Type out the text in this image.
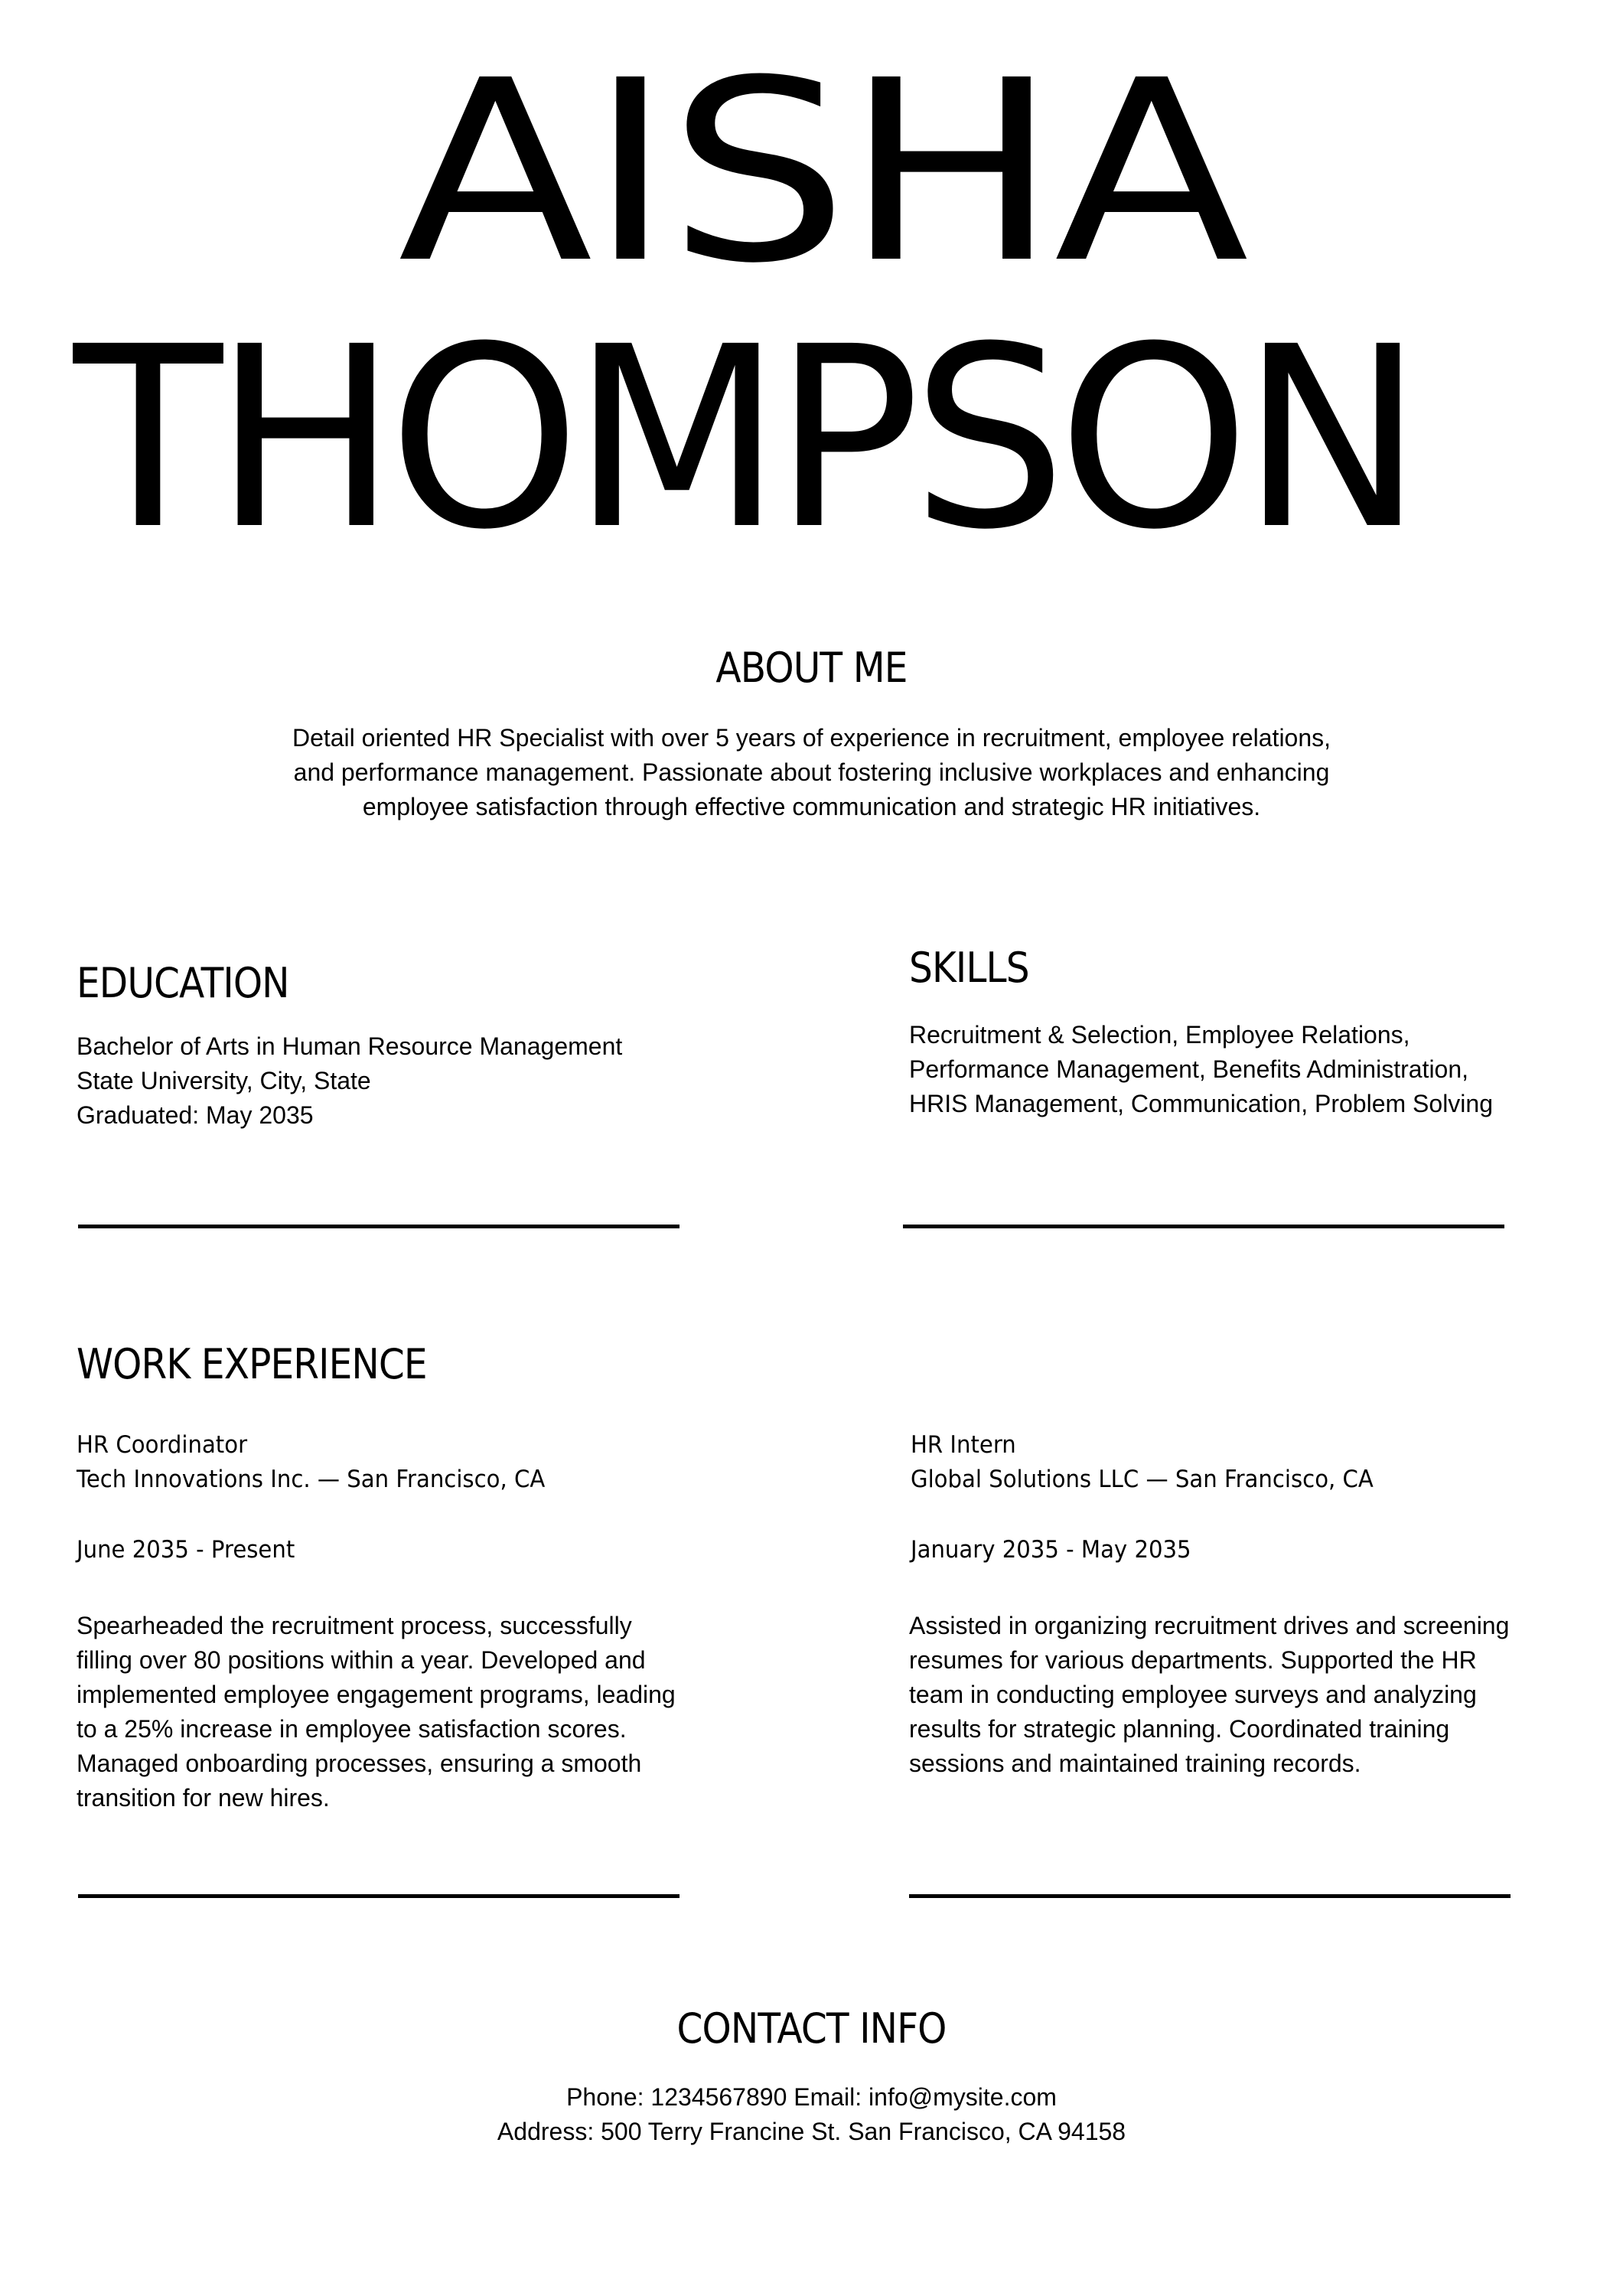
AISHA
THOMPSON
ABOUT ME
Detail oriented HR Specialist with over 5 years of experience in recruitment, employee relations,
and performance management. Passionate about fostering inclusive workplaces and enhancing
employee satisfaction through effective communication and strategic HR initiatives.
EDUCATION
Bachelor of Arts in Human Resource Management
State University, City, State
Graduated: May 2035
SKILLS
Recruitment & Selection, Employee Relations,
Performance Management, Benefits Administration,
HRIS Management, Communication, Problem Solving
WORK EXPERIENCE
HR Coordinator
Tech Innovations Inc. — San Francisco, CA
June 2035 - Present
Spearheaded the recruitment process, successfully
filling over 80 positions within a year. Developed and
implemented employee engagement programs, leading
to a 25% increase in employee satisfaction scores.
Managed onboarding processes, ensuring a smooth
transition for new hires.
HR Intern
Global Solutions LLC — San Francisco, CA
January 2035 - May 2035
Assisted in organizing recruitment drives and screening
resumes for various departments. Supported the HR
team in conducting employee surveys and analyzing
results for strategic planning. Coordinated training
sessions and maintained training records.
CONTACT INFO
Phone: 1234567890 Email: info@mysite.com
Address: 500 Terry Francine St. San Francisco, CA 94158
